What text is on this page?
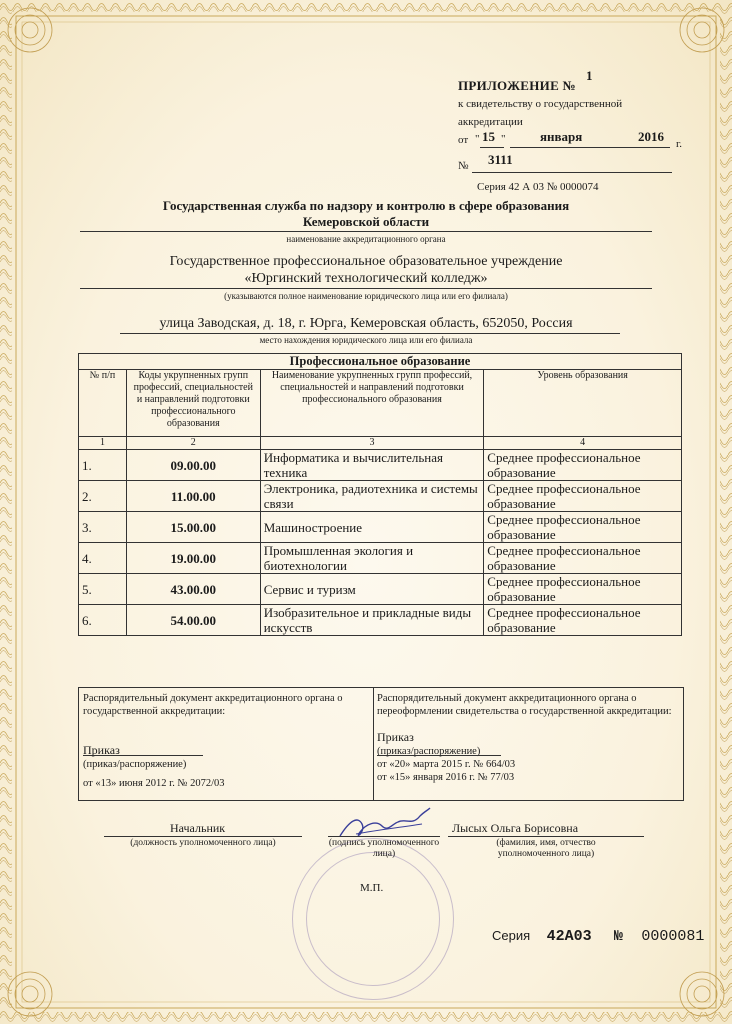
ПРИЛОЖЕНИЕ №
1
к свидетельству о государственной
аккредитации
от " 15 "	января	2016 г.
№ 3111
Серия 42 А 03 № 0000074
Государственная служба по надзору и контролю в сфере образования
Кемеровской области
наименование аккредитационного органа
Государственное профессиональное образовательное учреждение
«Юргинский технологический колледж»
(указываются полное наименование юридического лица или его филиала)
улица Заводская, д. 18, г. Юрга, Кемеровская область, 652050, Россия
место нахождения юридического лица или его филиала
Профессиональное образование			
№ п/п	Коды укрупненных групп профессий, специальностей и направлений подготовки профессионального образования	Наименование укрупненных групп профессий, специальностей и направлений подготовки профессионального образования	Уровень образования
1	2	3	4
1.	09.00.00	Информатика и вычислительная техника	Среднее профессиональное образование
2.	11.00.00	Электроника, радиотехника и системы связи	Среднее профессиональное образование
3.	15.00.00	Машиностроение	Среднее профессиональное образование
4.	19.00.00	Промышленная экология и биотехнологии	Среднее профессиональное образование
5.	43.00.00	Сервис и туризм	Среднее профессиональное образование
6.	54.00.00	Изобразительное и прикладные виды искусств	Среднее профессиональное образование
Распорядительный документ аккредитационного органа о государственной аккредитации:
Приказ
(приказ/распоряжение)
от «13» июня 2012 г. № 2072/03
Распорядительный документ аккредитационного органа о переоформлении свидетельства о государственной аккредитации:
Приказ
(приказ/распоряжение)
от «20» марта 2015 г. № 664/03
от «15» января 2016 г. № 77/03
Начальник
(должность уполномоченного лица)	(подпись уполномоченного лица)
Лысых Ольга Борисовна
(фамилия, имя, отчество уполномоченного лица)
М.П.
Серия 42А03 № 0000081
